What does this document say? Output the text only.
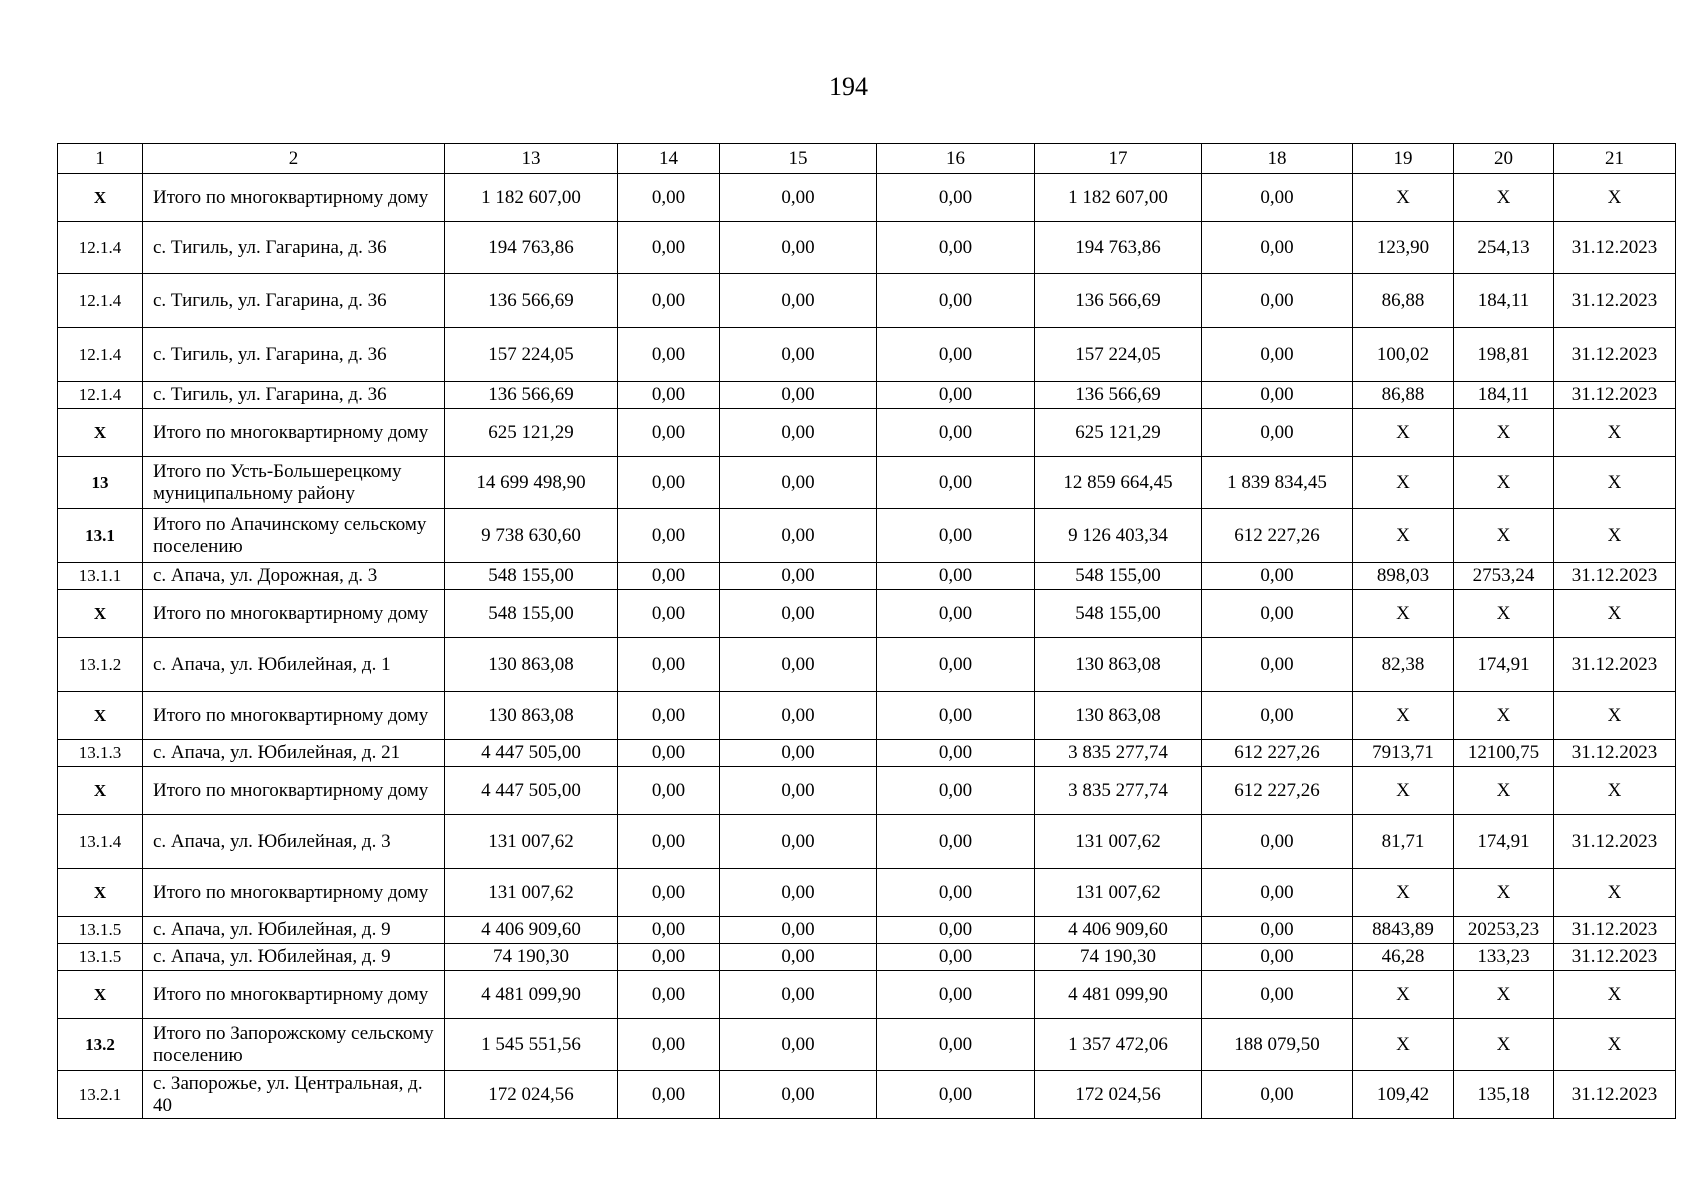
194
1	2	13	14	15	16	17	18	19	20	21
Х	Итого по многоквартирному дому	1 182 607,00	0,00	0,00	0,00	1 182 607,00	0,00	Х	Х	Х
12.1.4	с. Тигиль, ул. Гагарина, д. 36	194 763,86	0,00	0,00	0,00	194 763,86	0,00	123,90	254,13	31.12.2023
12.1.4	с. Тигиль, ул. Гагарина, д. 36	136 566,69	0,00	0,00	0,00	136 566,69	0,00	86,88	184,11	31.12.2023
12.1.4	с. Тигиль, ул. Гагарина, д. 36	157 224,05	0,00	0,00	0,00	157 224,05	0,00	100,02	198,81	31.12.2023
12.1.4	с. Тигиль, ул. Гагарина, д. 36	136 566,69	0,00	0,00	0,00	136 566,69	0,00	86,88	184,11	31.12.2023
Х	Итого по многоквартирному дому	625 121,29	0,00	0,00	0,00	625 121,29	0,00	Х	Х	Х
13	Итого по Усть-Большерецкому муниципальному району	14 699 498,90	0,00	0,00	0,00	12 859 664,45	1 839 834,45	Х	Х	Х
13.1	Итого по Апачинскому сельскому поселению	9 738 630,60	0,00	0,00	0,00	9 126 403,34	612 227,26	Х	Х	Х
13.1.1	с. Апача, ул. Дорожная, д. 3	548 155,00	0,00	0,00	0,00	548 155,00	0,00	898,03	2753,24	31.12.2023
Х	Итого по многоквартирному дому	548 155,00	0,00	0,00	0,00	548 155,00	0,00	Х	Х	Х
13.1.2	с. Апача, ул. Юбилейная, д. 1	130 863,08	0,00	0,00	0,00	130 863,08	0,00	82,38	174,91	31.12.2023
Х	Итого по многоквартирному дому	130 863,08	0,00	0,00	0,00	130 863,08	0,00	Х	Х	Х
13.1.3	с. Апача, ул. Юбилейная, д. 21	4 447 505,00	0,00	0,00	0,00	3 835 277,74	612 227,26	7913,71	12100,75	31.12.2023
Х	Итого по многоквартирному дому	4 447 505,00	0,00	0,00	0,00	3 835 277,74	612 227,26	Х	Х	Х
13.1.4	с. Апача, ул. Юбилейная, д. 3	131 007,62	0,00	0,00	0,00	131 007,62	0,00	81,71	174,91	31.12.2023
Х	Итого по многоквартирному дому	131 007,62	0,00	0,00	0,00	131 007,62	0,00	Х	Х	Х
13.1.5	с. Апача, ул. Юбилейная, д. 9	4 406 909,60	0,00	0,00	0,00	4 406 909,60	0,00	8843,89	20253,23	31.12.2023
13.1.5	с. Апача, ул. Юбилейная, д. 9	74 190,30	0,00	0,00	0,00	74 190,30	0,00	46,28	133,23	31.12.2023
Х	Итого по многоквартирному дому	4 481 099,90	0,00	0,00	0,00	4 481 099,90	0,00	Х	Х	Х
13.2	Итого по Запорожскому сельскому поселению	1 545 551,56	0,00	0,00	0,00	1 357 472,06	188 079,50	Х	Х	Х
13.2.1	с. Запорожье, ул. Центральная, д. 40	172 024,56	0,00	0,00	0,00	172 024,56	0,00	109,42	135,18	31.12.2023
